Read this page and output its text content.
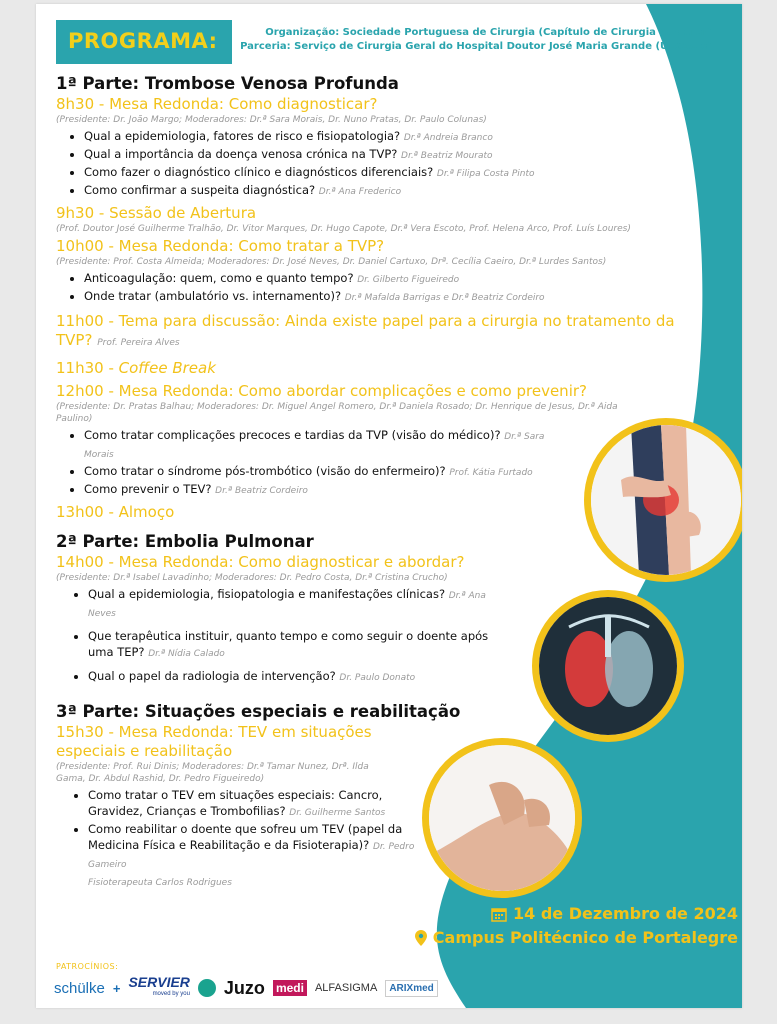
PROGRAMA:	Organização: Sociedade Portuguesa de Cirurgia (Capítulo de Cirurgia Vascular)
Parceria: Serviço de Cirurgia Geral do Hospital Doutor José Maria Grande (ULSAAle)

1ª Parte: Trombose Venosa Profunda

8h30 - Mesa Redonda: Como diagnosticar?

(Presidente: Dr. João Margo; Moderadores: Dr.ª Sara Morais, Dr. Nuno Pratas, Dr. Paulo Colunas)

• Qual a epidemiologia, fatores de risco e fisiopatologia? Dr.ª Andreia Branco
• Qual a importância da doença venosa crónica na TVP? Dr.ª Beatriz Mourato
• Como fazer o diagnóstico clínico e diagnósticos diferenciais? Dr.ª Filipa Costa Pinto
• Como confirmar a suspeita diagnóstica? Dr.ª Ana Frederico

9h30 - Sessão de Abertura

(Prof. Doutor José Guilherme Tralhão, Dr. Vitor Marques, Dr. Hugo Capote, Dr.ª Vera Escoto, Prof. Helena Arco, Prof. Luís Loures)

10h00 - Mesa Redonda: Como tratar a TVP?

(Presidente: Prof. Costa Almeida; Moderadores: Dr. José Neves, Dr. Daniel Cartuxo, Drª. Cecília Caeiro, Dr.ª Lurdes Santos)

• Anticoagulação: quem, como e quanto tempo? Dr. Gilberto Figueiredo
• Onde tratar (ambulatório vs. internamento)? Dr.ª Mafalda Barrigas e Dr.ª Beatriz Cordeiro

11h00 - Tema para discussão: Ainda existe papel para a cirurgia no tratamento da TVP? Prof. Pereira Alves

11h30 - Coffee Break

12h00 - Mesa Redonda: Como abordar complicações e como prevenir?

(Presidente: Dr. Pratas Balhau; Moderadores: Dr. Miguel Angel Romero, Dr.ª Daniela Rosado; Dr. Henrique de Jesus, Dr.ª Aida Paulino)

• Como tratar complicações precoces e tardias da TVP (visão do médico)? Dr.ª Sara Morais
• Como tratar o síndrome pós-trombótico (visão do enfermeiro)? Prof. Kátia Furtado
• Como prevenir o TEV? Dr.ª Beatriz Cordeiro

13h00 - Almoço

2ª Parte: Embolia Pulmonar

14h00 - Mesa Redonda: Como diagnosticar e abordar?

(Presidente: Dr.ª Isabel Lavadinho; Moderadores: Dr. Pedro Costa, Dr.ª Cristina Crucho)

• Qual a epidemiologia, fisiopatologia e manifestações clínicas? Dr.ª Ana Neves
• Que terapêutica instituir, quanto tempo e como seguir o doente após uma TEP? Dr.ª Nídia Calado
• Qual o papel da radiologia de intervenção? Dr. Paulo Donato

3ª Parte: Situações especiais e reabilitação

15h30 - Mesa Redonda: TEV em situações especiais e reabilitação

(Presidente: Prof. Rui Dinis; Moderadores: Dr.ª Tamar Nunez, Drª. Ilda Gama, Dr. Abdul Rashid, Dr. Pedro Figueiredo)

• Como tratar o TEV em situações especiais: Cancro, Gravidez, Crianças e Trombofilias? Dr. Guilherme Santos
• Como reabilitar o doente que sofreu um TEV (papel da Medicina Física e Reabilitação e da Fisioterapia)? Dr. Pedro Gameiro
Fisioterapeuta Carlos Rodrigues
14 de Dezembro de 2024
Campus Politécnico de Portalegre
PATROCÍNIOS:
schülke + SERVIER
moved by you Juzo medi ALFASIGMA	ARIXmed
